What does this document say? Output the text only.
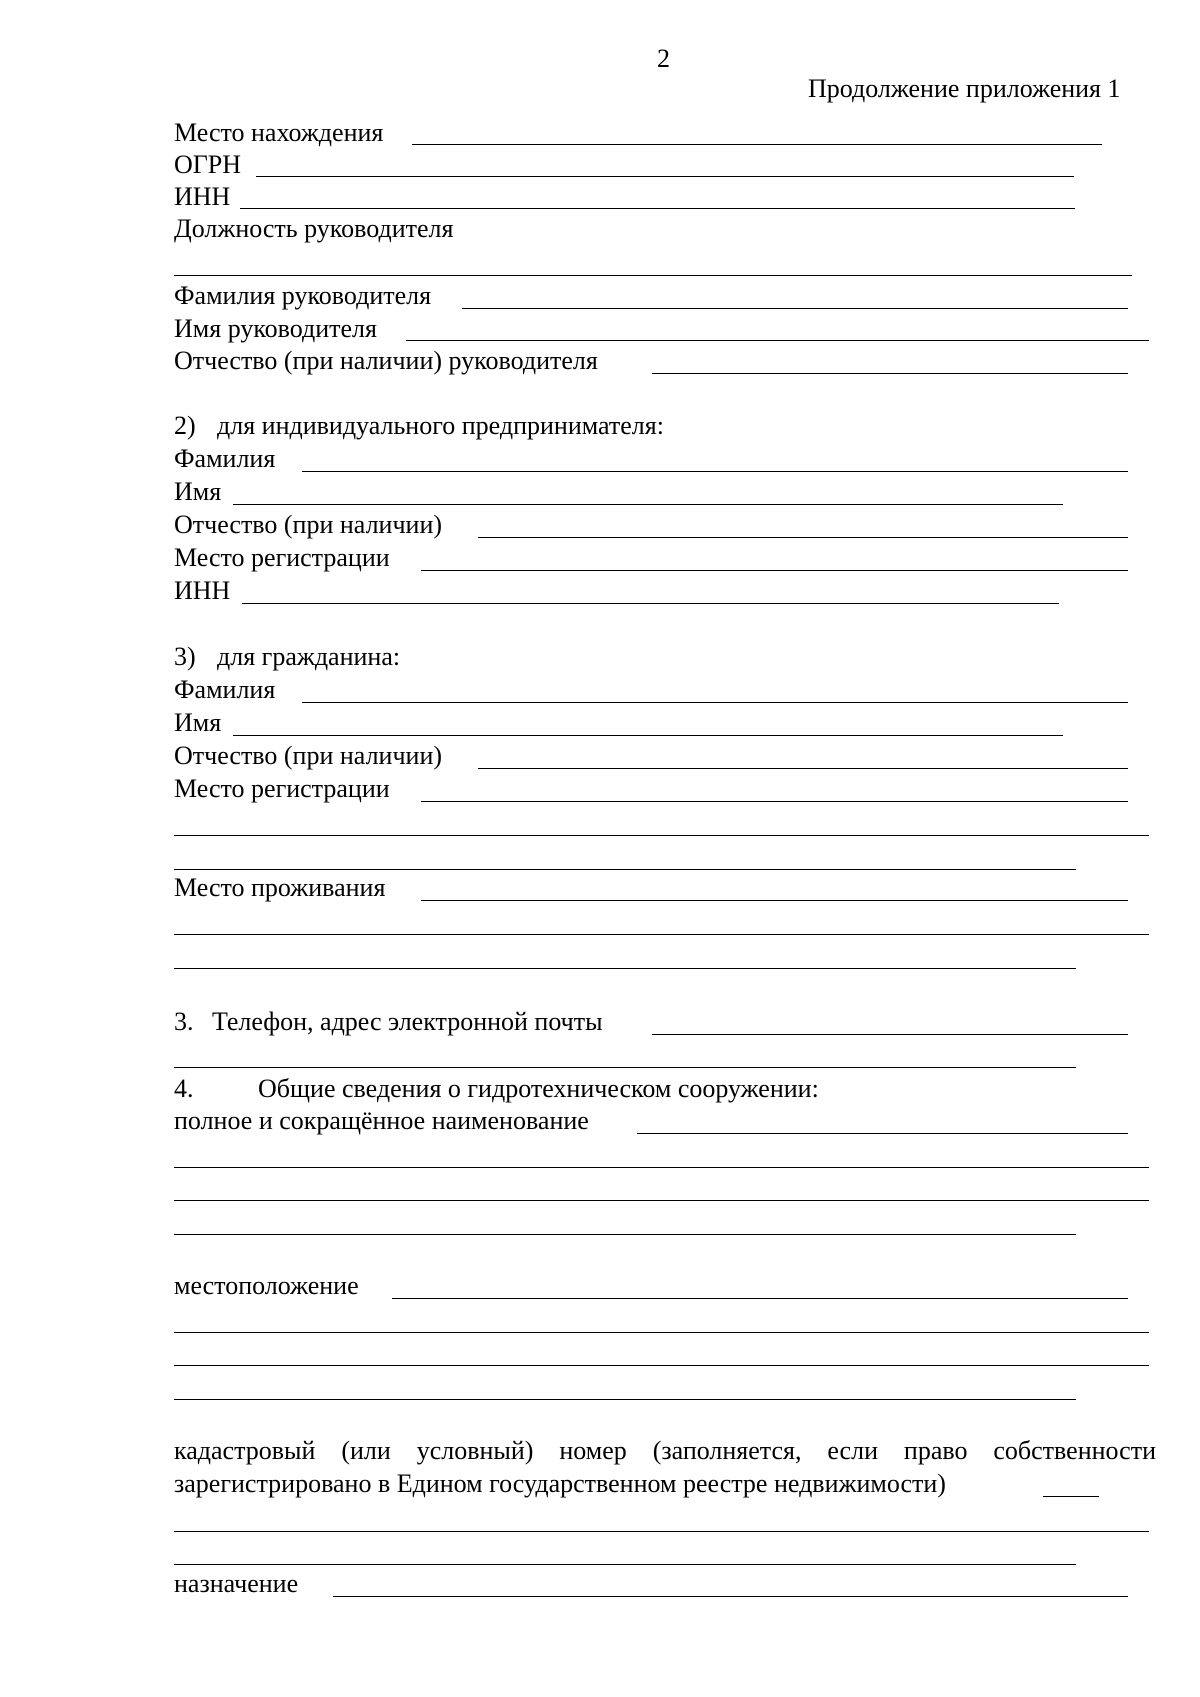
2
Продолжение приложения 1
Место нахождения
ОГРН
ИНН
Должность руководителя
Фамилия руководителя
Имя руководителя
Отчество (при наличии) руководителя
2) для индивидуального предпринимателя:
Фамилия
Имя
Отчество (при наличии)
Место регистрации
ИНН
3) для гражданина:
Фамилия
Имя
Отчество (при наличии)
Место регистрации
Место проживания
3. Телефон, адрес электронной почты
4. Общие сведения о гидротехническом сооружении:
полное и сокращённое наименование
местоположение
кадастровый (или условный) номер (заполняется, если право собственности
зарегистрировано в Едином государственном реестре недвижимости)
назначение
